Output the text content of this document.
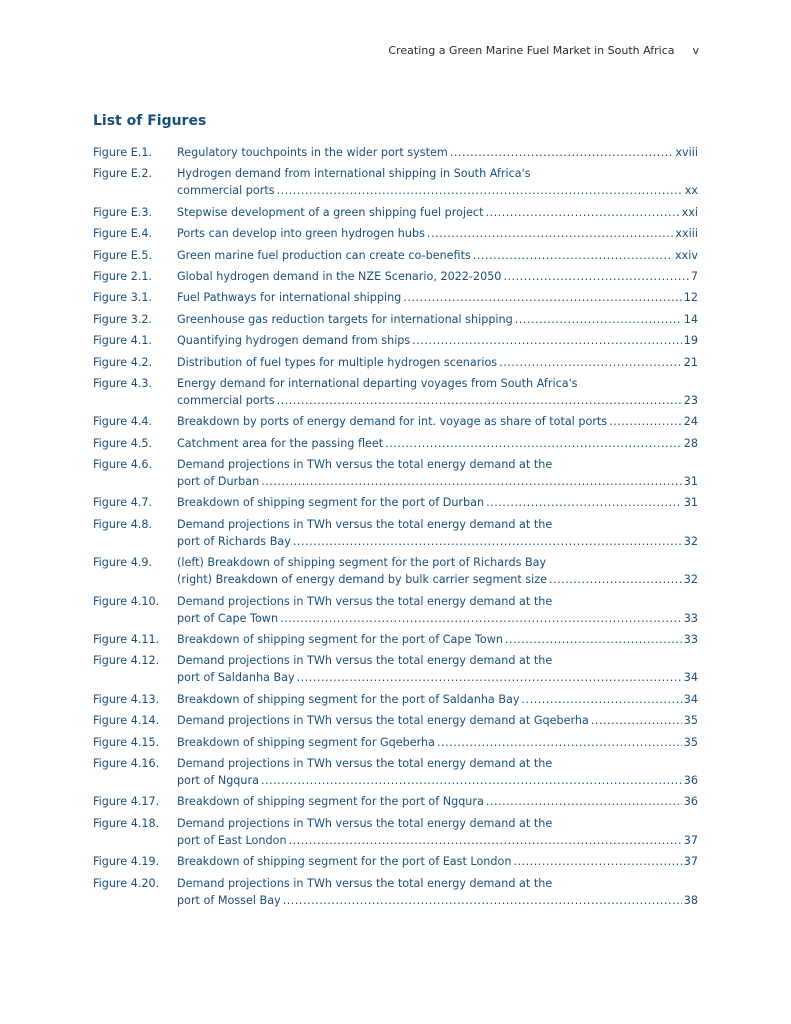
Creating a Green Marine Fuel Market in South Africa v
List of Figures
Figure E.1.	Regulatory touchpoints in the wider port system .....	xviii
Figure E.2.	Hydrogen demand from international shipping in South Africa's
commercial ports .....	xx
Figure E.3.	Stepwise development of a green shipping fuel project .....	xxi
Figure E.4.	Ports can develop into green hydrogen hubs .....	xxiii
Figure E.5.	Green marine fuel production can create co-benefits .....	xxiv
Figure 2.1.	Global hydrogen demand in the NZE Scenario, 2022-2050 .....	7
Figure 3.1.	Fuel Pathways for international shipping .....	12
Figure 3.2.	Greenhouse gas reduction targets for international shipping .....	14
Figure 4.1.	Quantifying hydrogen demand from ships .....	19
Figure 4.2.	Distribution of fuel types for multiple hydrogen scenarios .....	21
Figure 4.3.	Energy demand for international departing voyages from South Africa's
commercial ports .....	23
Figure 4.4.	Breakdown by ports of energy demand for int. voyage as share of total ports .....	24
Figure 4.5.	Catchment area for the passing fleet .....	28
Figure 4.6.	Demand projections in TWh versus the total energy demand at the
port of Durban .....	31
Figure 4.7.	Breakdown of shipping segment for the port of Durban .....	31
Figure 4.8.	Demand projections in TWh versus the total energy demand at the
port of Richards Bay .....	32
Figure 4.9.	(left) Breakdown of shipping segment for the port of Richards Bay
(right) Breakdown of energy demand by bulk carrier segment size .....	32
Figure 4.10.	Demand projections in TWh versus the total energy demand at the
port of Cape Town .....	33
Figure 4.11.	Breakdown of shipping segment for the port of Cape Town .....	33
Figure 4.12.	Demand projections in TWh versus the total energy demand at the
port of Saldanha Bay .....	34
Figure 4.13.	Breakdown of shipping segment for the port of Saldanha Bay .....	34
Figure 4.14.	Demand projections in TWh versus the total energy demand at Gqeberha .....	35
Figure 4.15.	Breakdown of shipping segment for Gqeberha .....	35
Figure 4.16.	Demand projections in TWh versus the total energy demand at the
port of Ngqura .....	36
Figure 4.17.	Breakdown of shipping segment for the port of Ngqura .....	36
Figure 4.18.	Demand projections in TWh versus the total energy demand at the
port of East London .....	37
Figure 4.19.	Breakdown of shipping segment for the port of East London .....	37
Figure 4.20.	Demand projections in TWh versus the total energy demand at the
port of Mossel Bay .....	38
